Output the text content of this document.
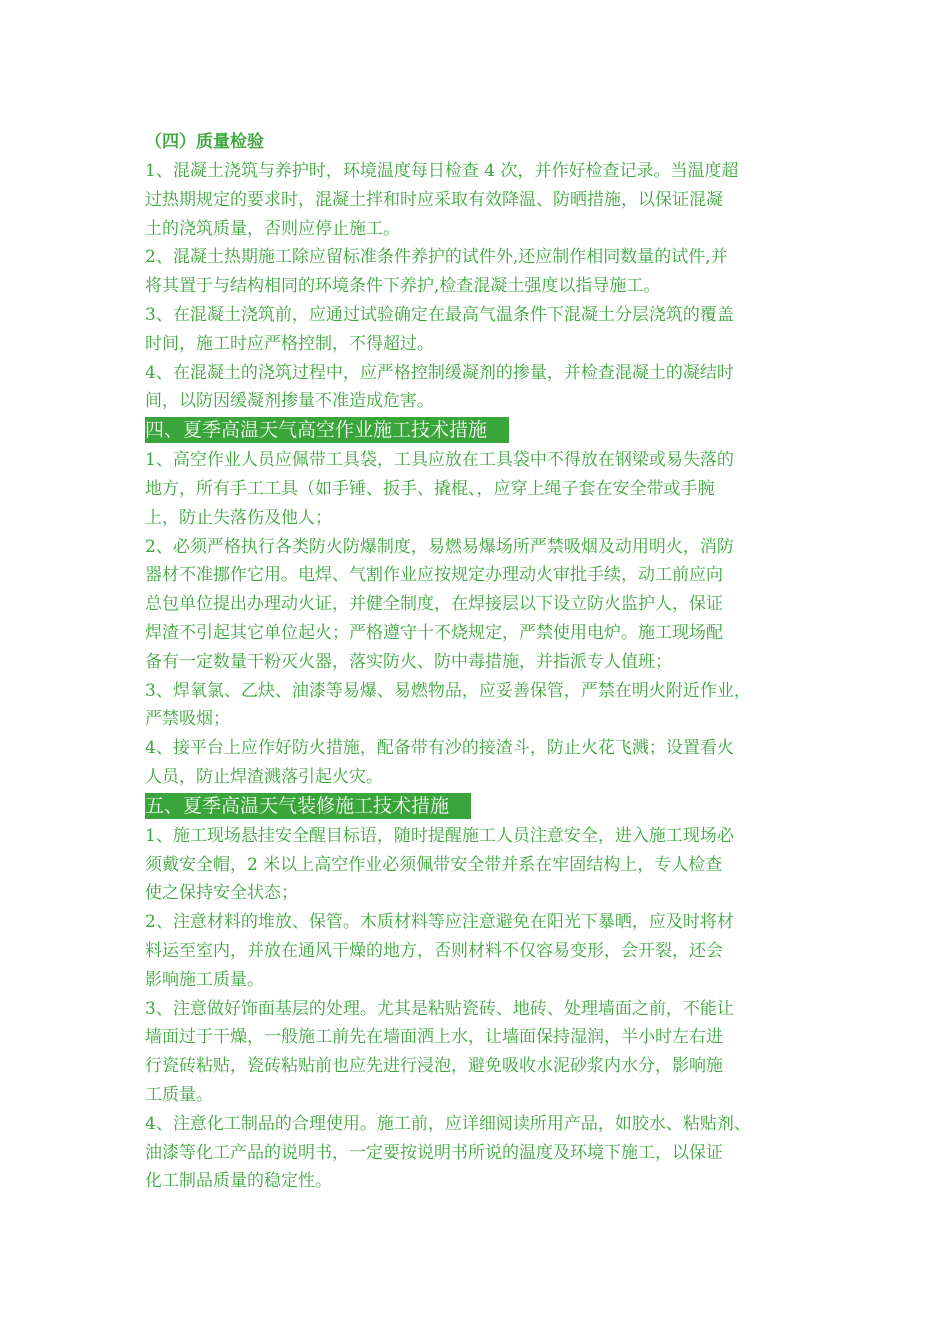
（四）质量检验
1、混凝土浇筑与养护时，环境温度每日检查 4 次，并作好检查记录。当温度超
过热期规定的要求时，混凝土拌和时应采取有效降温、防晒措施，以保证混凝
土的浇筑质量，否则应停止施工。
2、混凝土热期施工除应留标准条件养护的试件外,还应制作相同数量的试件,并
将其置于与结构相同的环境条件下养护,检查混凝土强度以指导施工。
3、在混凝土浇筑前，应通过试验确定在最高气温条件下混凝土分层浇筑的覆盖
时间，施工时应严格控制，不得超过。
4、在混凝土的浇筑过程中，应严格控制缓凝剂的掺量，并检查混凝土的凝结时
间，以防因缓凝剂掺量不准造成危害。
四、夏季高温天气高空作业施工技术措施
1、高空作业人员应佩带工具袋，工具应放在工具袋中不得放在钢梁或易失落的
地方，所有手工工具（如手锤、扳手、撬棍、，应穿上绳子套在安全带或手腕
上，防止失落伤及他人；
2、必须严格执行各类防火防爆制度，易燃易爆场所严禁吸烟及动用明火，消防
器材不准挪作它用。电焊、气割作业应按规定办理动火审批手续，动工前应向
总包单位提出办理动火证，并健全制度，在焊接层以下设立防火监护人，保证
焊渣不引起其它单位起火；严格遵守十不烧规定，严禁使用电炉。施工现场配
备有一定数量干粉灭火器，落实防火、防中毒措施，并指派专人值班；
3、焊氧氯、乙炔、油漆等易爆、易燃物品，应妥善保管，严禁在明火附近作业，
严禁吸烟；
4、接平台上应作好防火措施，配备带有沙的接渣斗，防止火花飞溅；设置看火
人员，防止焊渣溅落引起火灾。
五、夏季高温天气装修施工技术措施
1、施工现场悬挂安全醒目标语，随时提醒施工人员注意安全，进入施工现场必
须戴安全帽，2 米以上高空作业必须佩带安全带并系在牢固结构上，专人检查
使之保持安全状态；
2、注意材料的堆放、保管。木质材料等应注意避免在阳光下暴晒，应及时将材
料运至室内，并放在通风干燥的地方，否则材料不仅容易变形，会开裂，还会
影响施工质量。
3、注意做好饰面基层的处理。尤其是粘贴瓷砖、地砖、处理墙面之前，不能让
墙面过于干燥，一般施工前先在墙面洒上水，让墙面保持湿润，半小时左右进
行瓷砖粘贴，瓷砖粘贴前也应先进行浸泡，避免吸收水泥砂浆内水分，影响施
工质量。
4、注意化工制品的合理使用。施工前，应详细阅读所用产品，如胶水、粘贴剂、
油漆等化工产品的说明书，一定要按说明书所说的温度及环境下施工，以保证
化工制品质量的稳定性。
